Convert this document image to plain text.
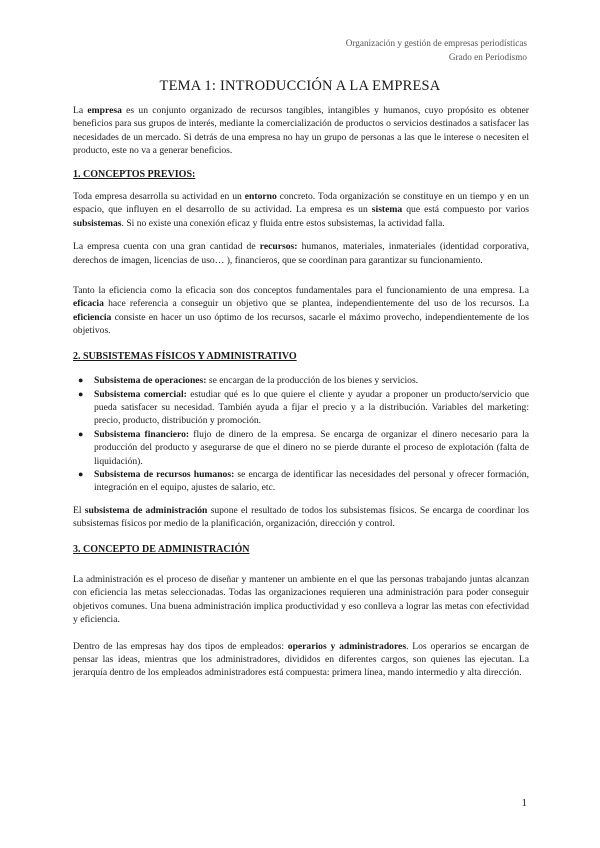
Organización y gestión de empresas periodísticas
Grado en Periodismo
TEMA 1: INTRODUCCIÓN A LA EMPRESA

La empresa es un conjunto organizado de recursos tangibles, intangibles y humanos, cuyo propósito es obtener beneficios para sus grupos de interés, mediante la comercialización de productos o servicios destinados a satisfacer las necesidades de un mercado. Si detrás de una empresa no hay un grupo de personas a las que le interese o necesiten el producto, este no va a generar beneficios.

1. CONCEPTOS PREVIOS:

Toda empresa desarrolla su actividad en un entorno concreto. Toda organización se constituye en un tiempo y en un espacio, que influyen en el desarrollo de su actividad. La empresa es un sistema que está compuesto por varios subsistemas. Si no existe una conexión eficaz y fluida entre estos subsistemas, la actividad falla.

La empresa cuenta con una gran cantidad de recursos: humanos, materiales, inmateriales (identidad corporativa, derechos de imagen, licencias de uso… ), financieros, que se coordinan para garantizar su funcionamiento.

Tanto la eficiencia como la eficacia son dos conceptos fundamentales para el funcionamiento de una empresa. La eficacia hace referencia a conseguir un objetivo que se plantea, independientemente del uso de los recursos. La eficiencia consiste en hacer un uso óptimo de los recursos, sacarle el máximo provecho, independientemente de los objetivos.

2. SUBSISTEMAS FÍSICOS Y ADMINISTRATIVO

● Subsistema de operaciones: se encargan de la producción de los bienes y servicios.
● Subsistema comercial: estudiar qué es lo que quiere el cliente y ayudar a proponer un producto/servicio que pueda satisfacer su necesidad. También ayuda a fijar el precio y a la distribución. Variables del marketing: precio, producto, distribución y promoción.
● Subsistema financiero: flujo de dinero de la empresa. Se encarga de organizar el dinero necesario para la producción del producto y asegurarse de que el dinero no se pierde durante el proceso de explotación (falta de liquidación).
● Subsistema de recursos humanos: se encarga de identificar las necesidades del personal y ofrecer formación, integración en el equipo, ajustes de salario, etc.

El subsistema de administración supone el resultado de todos los subsistemas físicos. Se encarga de coordinar los subsistemas físicos por medio de la planificación, organización, dirección y control.

3. CONCEPTO DE ADMINISTRACIÓN

La administración es el proceso de diseñar y mantener un ambiente en el que las personas trabajando juntas alcanzan con eficiencia las metas seleccionadas. Todas las organizaciones requieren una administración para poder conseguir objetivos comunes. Una buena administración implica productividad y eso conlleva a lograr las metas con efectividad y eficiencia.

Dentro de las empresas hay dos tipos de empleados: operarios y administradores. Los operarios se encargan de pensar las ideas, mientras que los administradores, divididos en diferentes cargos, son quienes las ejecutan. La jerarquía dentro de los empleados administradores está compuesta: primera línea, mando intermedio y alta dirección.

1
